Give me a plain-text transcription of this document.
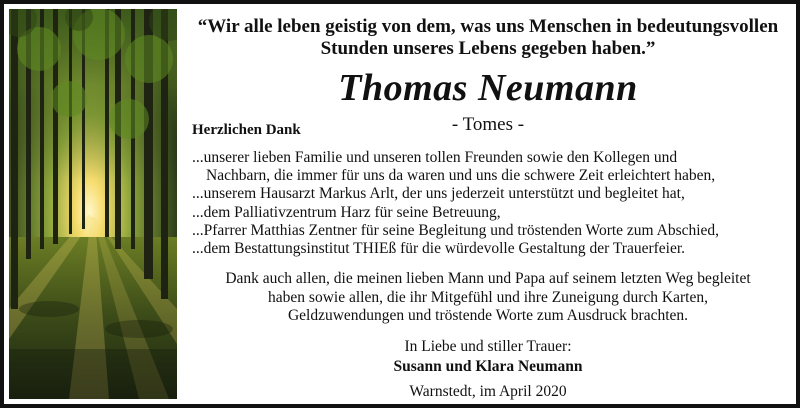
“Wir alle leben geistig von dem, was uns Menschen in bedeutungsvollen
Stunden unseres Lebens gegeben haben.”
Thomas Neumann
Herzlichen Dank	- Tomes -
...unserer lieben Familie und unseren tollen Freunden sowie den Kollegen und
Nachbarn, die immer für uns da waren und uns die schwere Zeit erleichtert haben,
...unserem Hausarzt Markus Arlt, der uns jederzeit unterstützt und begleitet hat,
...dem Palliativzentrum Harz für seine Betreuung,
...Pfarrer Matthias Zentner für seine Begleitung und tröstenden Worte zum Abschied,
...dem Bestattungsinstitut THIEß für die würdevolle Gestaltung der Trauerfeier.
Dank auch allen, die meinen lieben Mann und Papa auf seinem letzten Weg begleitet
haben sowie allen, die ihr Mitgefühl und ihre Zuneigung durch Karten,
Geldzuwendungen und tröstende Worte zum Ausdruck brachten.
In Liebe und stiller Trauer:
Susann und Klara Neumann
Warnstedt, im April 2020
